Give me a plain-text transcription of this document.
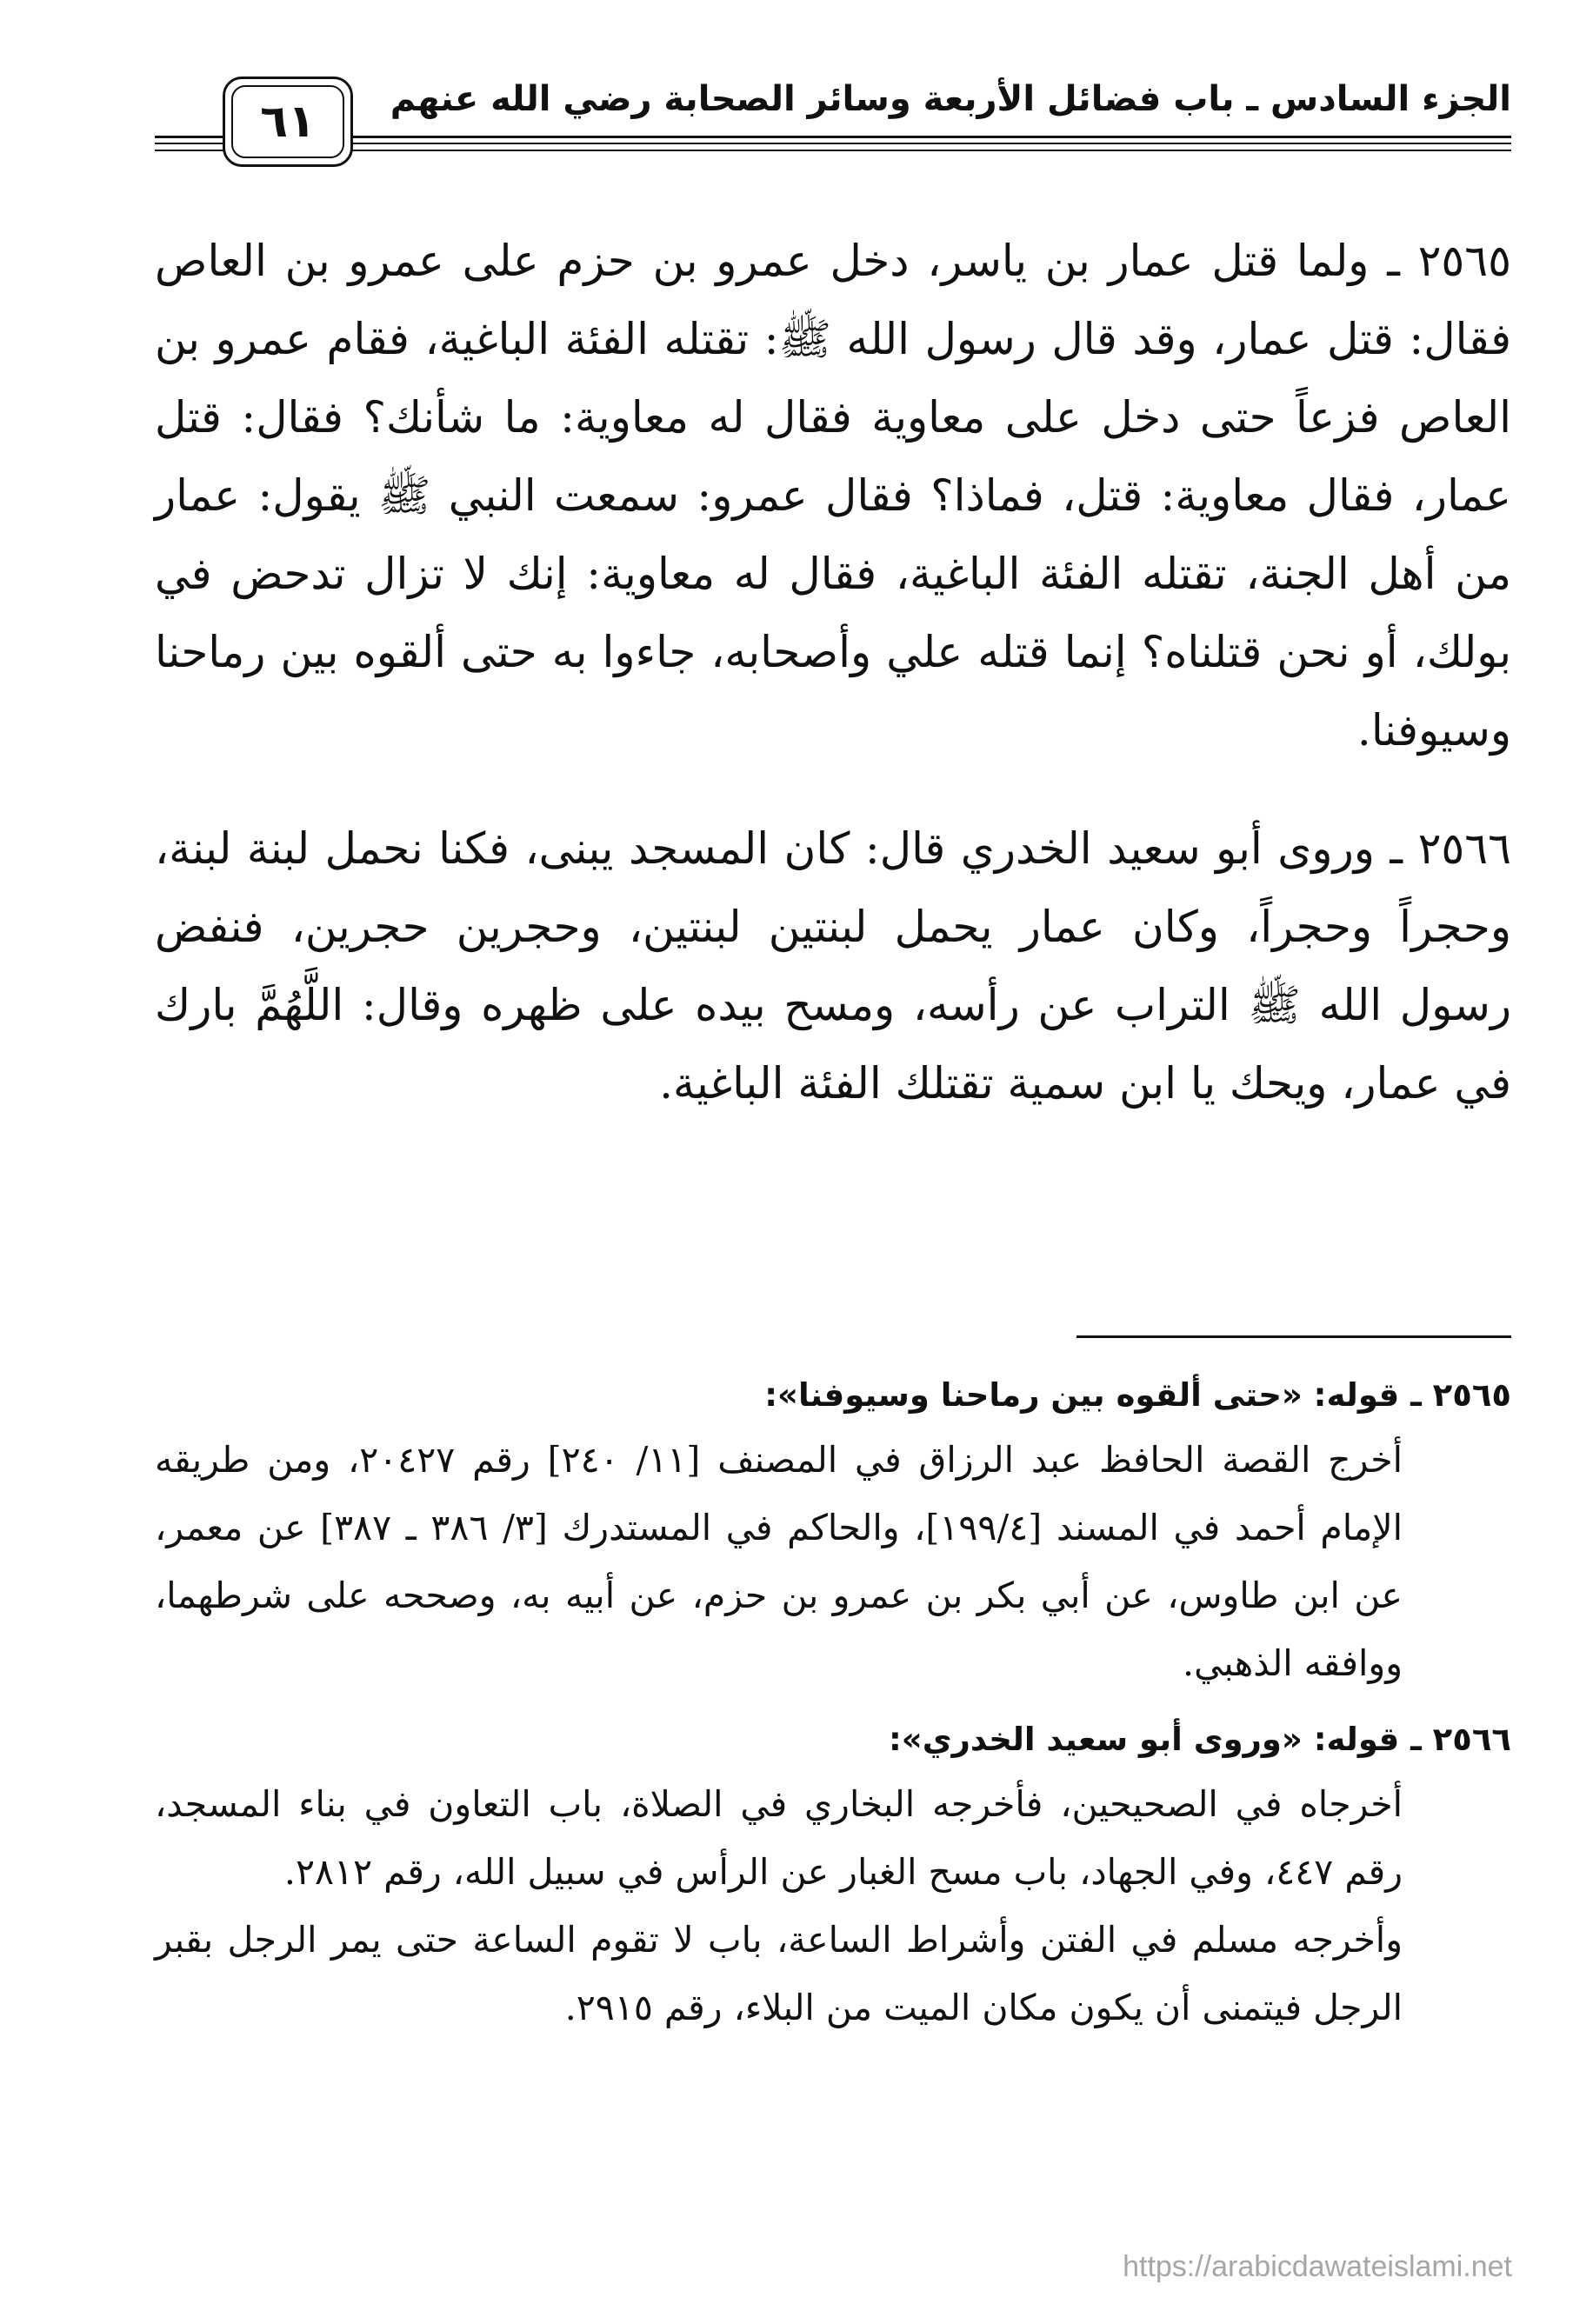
الجزء السادس ـ باب فضائل الأربعة وسائر الصحابة رضي الله عنهم
٦١

٢٥٦٥ ـ ولما قتل عمار بن ياسر، دخل عمرو بن حزم على عمرو بن العاص فقال: قتل عمار، وقد قال رسول الله ﷺ: تقتله الفئة الباغية، فقام عمرو بن العاص فزعاً حتى دخل على معاوية فقال له معاوية: ما شأنك؟ فقال: قتل عمار، فقال معاوية: قتل، فماذا؟ فقال عمرو: سمعت النبي ﷺ يقول: عمار من أهل الجنة، تقتله الفئة الباغية، فقال له معاوية: إنك لا تزال تدحض في بولك، أو نحن قتلناه؟ إنما قتله علي وأصحابه، جاءوا به حتى ألقوه بين رماحنا وسيوفنا.

٢٥٦٦ ـ وروى أبو سعيد الخدري قال: كان المسجد يبنى، فكنا نحمل لبنة لبنة، وحجراً وحجراً، وكان عمار يحمل لبنتين لبنتين، وحجرين حجرين، فنفض رسول الله ﷺ التراب عن رأسه، ومسح بيده على ظهره وقال: اللَّهُمَّ بارك في عمار، ويحك يا ابن سمية تقتلك الفئة الباغية.

٢٥٦٥ ـ قوله: «حتى ألقوه بين رماحنا وسيوفنا»:
أخرج القصة الحافظ عبد الرزاق في المصنف [١١/ ٢٤٠] رقم ٢٠٤٢٧، ومن طريقه الإمام أحمد في المسند [١٩٩/٤]، والحاكم في المستدرك [٣/ ٣٨٦ ـ ٣٨٧] عن معمر، عن ابن طاوس، عن أبي بكر بن عمرو بن حزم، عن أبيه به، وصححه على شرطهما، ووافقه الذهبي.
٢٥٦٦ ـ قوله: «وروى أبو سعيد الخدري»:
أخرجاه في الصحيحين، فأخرجه البخاري في الصلاة، باب التعاون في بناء المسجد، رقم ٤٤٧، وفي الجهاد، باب مسح الغبار عن الرأس في سبيل الله، رقم ٢٨١٢.
وأخرجه مسلم في الفتن وأشراط الساعة، باب لا تقوم الساعة حتى يمر الرجل بقبر الرجل فيتمنى أن يكون مكان الميت من البلاء، رقم ٢٩١٥.
https://arabicdawateislami.net
